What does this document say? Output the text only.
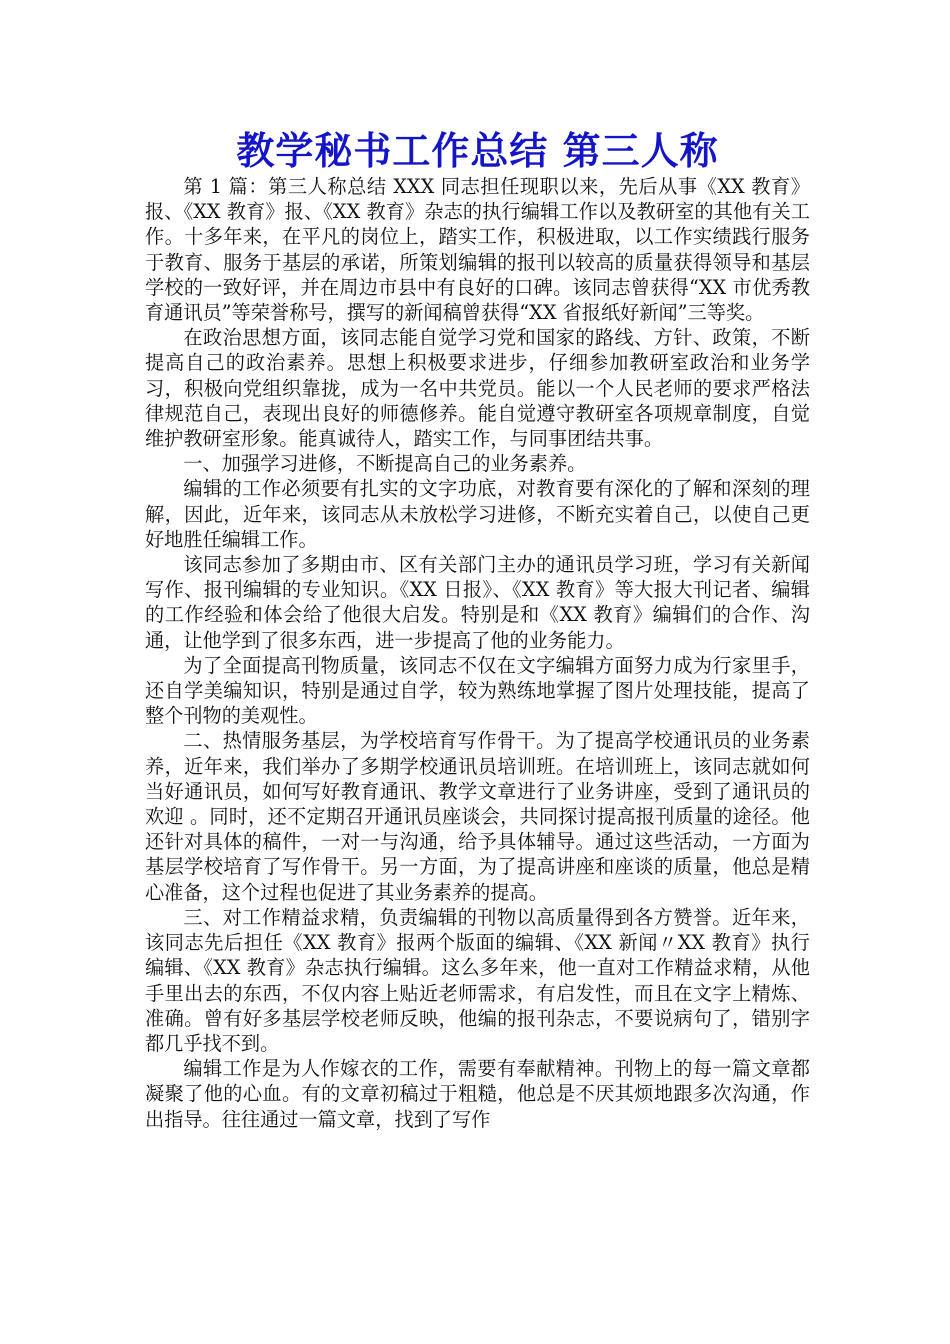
教学秘书工作总结 第三人称

第 1 篇：第三人称总结 XXX 同志担任现职以来，先后从事《XX 教育》报、《XX 教育》报、《XX 教育》杂志的执行编辑工作以及教研室的其他有关工作。十多年来，在平凡的岗位上，踏实工作，积极进取，以工作实绩践行服务于教育、服务于基层的承诺，所策划编辑的报刊以较高的质量获得领导和基层学校的一致好评，并在周边市县中有良好的口碑。该同志曾获得“XX 市优秀教育通讯员”等荣誉称号，撰写的新闻稿曾获得“XX 省报纸好新闻”三等奖。

在政治思想方面，该同志能自觉学习党和国家的路线、方针、政策，不断提高自己的政治素养。思想上积极要求进步，仔细参加教研室政治和业务学习，积极向党组织靠拢，成为一名中共党员。能以一个人民老师的要求严格法律规范自己，表现出良好的师德修养。能自觉遵守教研室各项规章制度，自觉维护教研室形象。能真诚待人，踏实工作，与同事团结共事。

一、加强学习进修，不断提高自己的业务素养。

编辑的工作必须要有扎实的文字功底，对教育要有深化的了解和深刻的理解，因此，近年来，该同志从未放松学习进修，不断充实着自己，以使自己更好地胜任编辑工作。

该同志参加了多期由市、区有关部门主办的通讯员学习班，学习有关新闻写作、报刊编辑的专业知识。《XX 日报》、《XX 教育》等大报大刊记者、编辑的工作经验和体会给了他很大启发。特别是和《XX 教育》编辑们的合作、沟通，让他学到了很多东西，进一步提高了他的业务能力。

为了全面提高刊物质量，该同志不仅在文字编辑方面努力成为行家里手，还自学美编知识，特别是通过自学，较为熟练地掌握了图片处理技能，提高了整个刊物的美观性。

二、热情服务基层，为学校培育写作骨干。为了提高学校通讯员的业务素养，近年来，我们举办了多期学校通讯员培训班。在培训班上，该同志就如何当好通讯员，如何写好教育通讯、教学文章进行了业务讲座，受到了通讯员的欢迎 。同时，还不定期召开通讯员座谈会，共同探讨提高报刊质量的途径。他还针对具体的稿件，一对一与沟通，给予具体辅导。通过这些活动，一方面为基层学校培育了写作骨干。另一方面，为了提高讲座和座谈的质量，他总是精心准备，这个过程也促进了其业务素养的提高。

三、对工作精益求精，负责编辑的刊物以高质量得到各方赞誉。近年来，该同志先后担任《XX 教育》报两个版面的编辑、《XX 新闻〃XX 教育》执行编辑、《XX 教育》杂志执行编辑。这么多年来，他一直对工作精益求精，从他手里出去的东西，不仅内容上贴近老师需求，有启发性，而且在文字上精炼、准确。曾有好多基层学校老师反映，他编的报刊杂志，不要说病句了，错别字都几乎找不到。

编辑工作是为人作嫁衣的工作，需要有奉献精神。刊物上的每一篇文章都凝聚了他的心血。有的文章初稿过于粗糙，他总是不厌其烦地跟多次沟通，作出指导。往往通过一篇文章，找到了写作
